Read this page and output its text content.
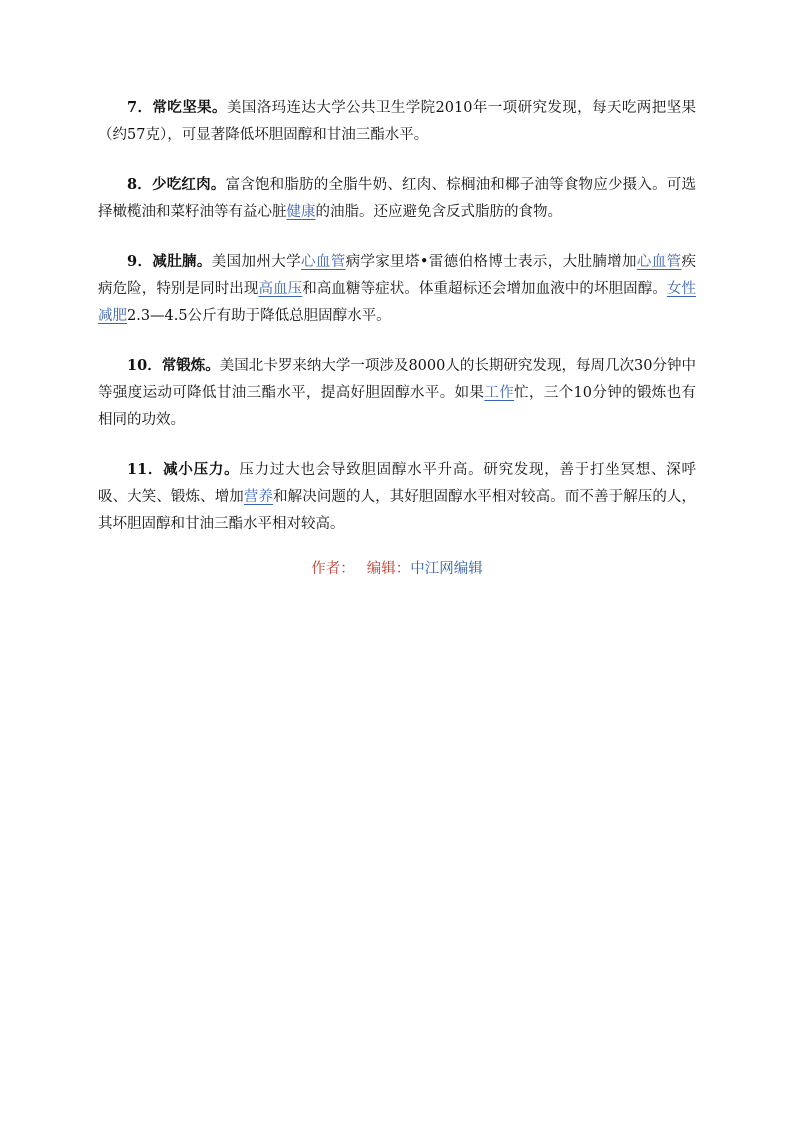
7．常吃坚果。美国洛玛连达大学公共卫生学院2010年一项研究发现，每天吃两把坚果（约57克），可显著降低坏胆固醇和甘油三酯水平。

8．少吃红肉。富含饱和脂肪的全脂牛奶、红肉、棕榈油和椰子油等食物应少摄入。可选择橄榄油和菜籽油等有益心脏健康的油脂。还应避免含反式脂肪的食物。

9．减肚腩。美国加州大学心血管病学家里塔•雷德伯格博士表示，大肚腩增加心血管疾病危险，特别是同时出现高血压和高血糖等症状。体重超标还会增加血液中的坏胆固醇。女性减肥2.3—4.5公斤有助于降低总胆固醇水平。

10．常锻炼。美国北卡罗来纳大学一项涉及8000人的长期研究发现，每周几次30分钟中等强度运动可降低甘油三酯水平，提高好胆固醇水平。如果工作忙，三个10分钟的锻炼也有相同的功效。

11．减小压力。压力过大也会导致胆固醇水平升高。研究发现，善于打坐冥想、深呼吸、大笑、锻炼、增加营养和解决问题的人，其好胆固醇水平相对较高。而不善于解压的人，其坏胆固醇和甘油三酯水平相对较高。

作者： 编辑：中江网编辑
